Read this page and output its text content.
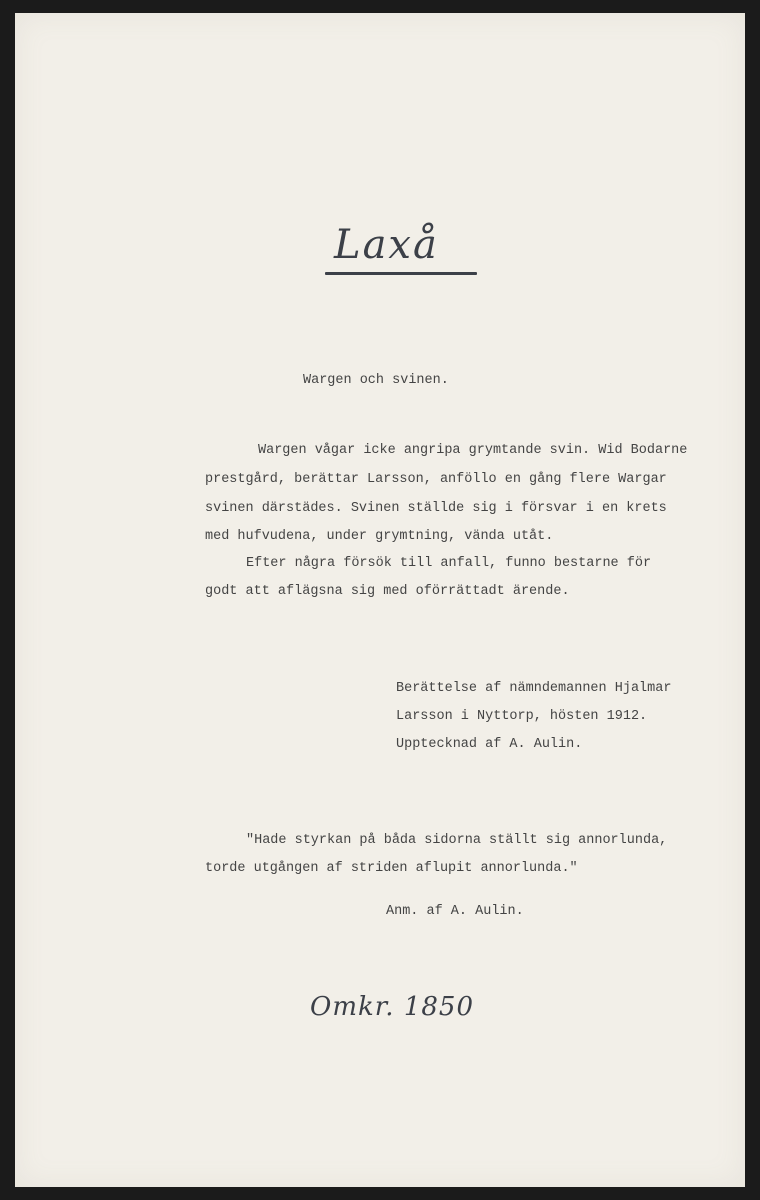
Laxå
Wargen och svinen.
Wargen vågar icke angripa grymtande svin. Wid Bodarne
prestgård, berättar Larsson, anföllo en gång flere Wargar
svinen därstädes. Svinen ställde sig i försvar i en krets
med hufvudena, under grymtning, vända utåt.
Efter några försök till anfall, funno bestarne för
godt att aflägsna sig med oförrättadt ärende.
Berättelse af nämndemannen Hjalmar
Larsson i Nyttorp, hösten 1912.
Upptecknad af A. Aulin.
"Hade styrkan på båda sidorna ställt sig annorlunda,
torde utgången af striden aflupit annorlunda."
Anm. af A. Aulin.
Omkr. 1850
